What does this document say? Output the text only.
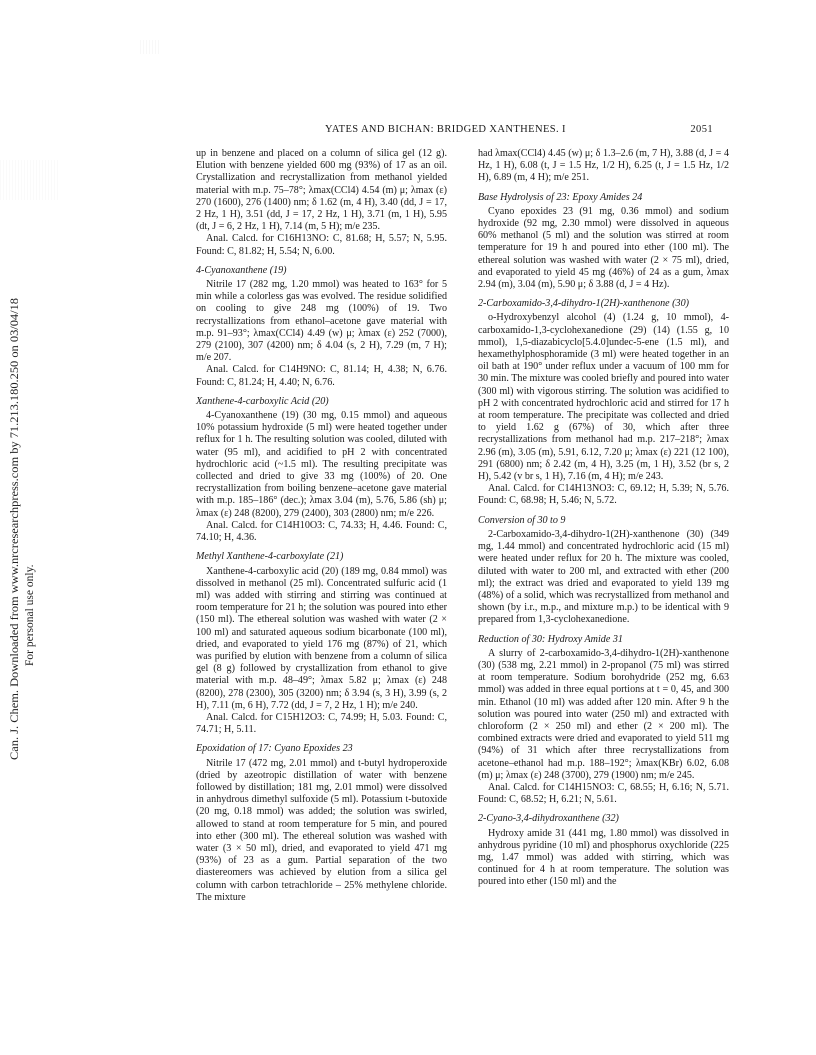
Can. J. Chem. Downloaded from www.nrcresearchpress.com by 71.213.180.250 on 03/04/18 For personal use only.
YATES AND BICHAN: BRIDGED XANTHENES. I	2051

up in benzene and placed on a column of silica gel (12 g). Elution with benzene yielded 600 mg (93%) of 17 as an oil. Crystallization and recrystallization from methanol yielded material with m.p. 75–78°; λmax(CCl4) 4.54 (m) μ; λmax (ε) 270 (1600), 276 (1400) nm; δ 1.62 (m, 4 H), 3.40 (dd, J = 17, 2 Hz, 1 H), 3.51 (dd, J = 17, 2 Hz, 1 H), 3.71 (m, 1 H), 5.95 (dt, J = 6, 2 Hz, 1 H), 7.14 (m, 5 H); m/e 235.

Anal. Calcd. for C16H13NO: C, 81.68; H, 5.57; N, 5.95. Found: C, 81.82; H, 5.54; N, 6.00.

4-Cyanoxanthene (19)

Nitrile 17 (282 mg, 1.20 mmol) was heated to 163° for 5 min while a colorless gas was evolved. The residue solidified on cooling to give 248 mg (100%) of 19. Two recrystallizations from ethanol–acetone gave material with m.p. 91–93°; λmax(CCl4) 4.49 (w) μ; λmax (ε) 252 (7000), 279 (2100), 307 (4200) nm; δ 4.04 (s, 2 H), 7.29 (m, 7 H); m/e 207.

Anal. Calcd. for C14H9NO: C, 81.14; H, 4.38; N, 6.76. Found: C, 81.24; H, 4.40; N, 6.76.

Xanthene-4-carboxylic Acid (20)

4-Cyanoxanthene (19) (30 mg, 0.15 mmol) and aqueous 10% potassium hydroxide (5 ml) were heated together under reflux for 1 h. The resulting solution was cooled, diluted with water (95 ml), and acidified to pH 2 with concentrated hydrochloric acid (~1.5 ml). The resulting precipitate was collected and dried to give 33 mg (100%) of 20. One recrystallization from boiling benzene–acetone gave material with m.p. 185–186° (dec.); λmax 3.04 (m), 5.76, 5.86 (sh) μ; λmax (ε) 248 (8200), 279 (2400), 303 (2800) nm; m/e 226.

Anal. Calcd. for C14H10O3: C, 74.33; H, 4.46. Found: C, 74.10; H, 4.36.

Methyl Xanthene-4-carboxylate (21)

Xanthene-4-carboxylic acid (20) (189 mg, 0.84 mmol) was dissolved in methanol (25 ml). Concentrated sulfuric acid (1 ml) was added with stirring and stirring was continued at room temperature for 21 h; the solution was poured into ether (150 ml). The ethereal solution was washed with water (2 × 100 ml) and saturated aqueous sodium bicarbonate (100 ml), dried, and evaporated to yield 176 mg (87%) of 21, which was purified by elution with benzene from a column of silica gel (8 g) followed by crystallization from ethanol to give material with m.p. 48–49°; λmax 5.82 μ; λmax (ε) 248 (8200), 278 (2300), 305 (3200) nm; δ 3.94 (s, 3 H), 3.99 (s, 2 H), 7.11 (m, 6 H), 7.72 (dd, J = 7, 2 Hz, 1 H); m/e 240.

Anal. Calcd. for C15H12O3: C, 74.99; H, 5.03. Found: C, 74.71; H, 5.11.

Epoxidation of 17: Cyano Epoxides 23

Nitrile 17 (472 mg, 2.01 mmol) and t-butyl hydroperoxide (dried by azeotropic distillation of water with benzene followed by distillation; 181 mg, 2.01 mmol) were dissolved in anhydrous dimethyl sulfoxide (5 ml). Potassium t-butoxide (20 mg, 0.18 mmol) was added; the solution was swirled, allowed to stand at room temperature for 5 min, and poured into ether (300 ml). The ethereal solution was washed with water (3 × 50 ml), dried, and evaporated to yield 471 mg (93%) of 23 as a gum. Partial separation of the two diastereomers was achieved by elution from a silica gel column with carbon tetrachloride – 25% methylene chloride. The mixture

had λmax(CCl4) 4.45 (w) μ; δ 1.3–2.6 (m, 7 H), 3.88 (d, J = 4 Hz, 1 H), 6.08 (t, J = 1.5 Hz, 1/2 H), 6.25 (t, J = 1.5 Hz, 1/2 H), 6.89 (m, 4 H); m/e 251.

Base Hydrolysis of 23: Epoxy Amides 24

Cyano epoxides 23 (91 mg, 0.36 mmol) and sodium hydroxide (92 mg, 2.30 mmol) were dissolved in aqueous 60% methanol (5 ml) and the solution was stirred at room temperature for 19 h and poured into ether (100 ml). The ethereal solution was washed with water (2 × 75 ml), dried, and evaporated to yield 45 mg (46%) of 24 as a gum, λmax 2.94 (m), 3.04 (m), 5.90 μ; δ 3.88 (d, J = 4 Hz).

2-Carboxamido-3,4-dihydro-1(2H)-xanthenone (30)

o-Hydroxybenzyl alcohol (4) (1.24 g, 10 mmol), 4-carboxamido-1,3-cyclohexanedione (29) (14) (1.55 g, 10 mmol), 1,5-diazabicyclo[5.4.0]undec-5-ene (1.5 ml), and hexamethylphosphoramide (3 ml) were heated together in an oil bath at 190° under reflux under a vacuum of 100 mm for 30 min. The mixture was cooled briefly and poured into water (300 ml) with vigorous stirring. The solution was acidified to pH 2 with concentrated hydrochloric acid and stirred for 17 h at room temperature. The precipitate was collected and dried to yield 1.62 g (67%) of 30, which after three recrystallizations from methanol had m.p. 217–218°; λmax 2.96 (m), 3.05 (m), 5.91, 6.12, 7.20 μ; λmax (ε) 221 (12 100), 291 (6800) nm; δ 2.42 (m, 4 H), 3.25 (m, 1 H), 3.52 (br s, 2 H), 5.42 (v br s, 1 H), 7.16 (m, 4 H); m/e 243.

Anal. Calcd. for C14H13NO3: C, 69.12; H, 5.39; N, 5.76. Found: C, 68.98; H, 5.46; N, 5.72.

Conversion of 30 to 9

2-Carboxamido-3,4-dihydro-1(2H)-xanthenone (30) (349 mg, 1.44 mmol) and concentrated hydrochloric acid (15 ml) were heated under reflux for 20 h. The mixture was cooled, diluted with water to 200 ml, and extracted with ether (200 ml); the extract was dried and evaporated to yield 139 mg (48%) of a solid, which was recrystallized from methanol and shown (by i.r., m.p., and mixture m.p.) to be identical with 9 prepared from 1,3-cyclohexanedione.

Reduction of 30: Hydroxy Amide 31

A slurry of 2-carboxamido-3,4-dihydro-1(2H)-xanthenone (30) (538 mg, 2.21 mmol) in 2-propanol (75 ml) was stirred at room temperature. Sodium borohydride (252 mg, 6.63 mmol) was added in three equal portions at t = 0, 45, and 300 min. Ethanol (10 ml) was added after 120 min. After 9 h the solution was poured into water (250 ml) and extracted with chloroform (2 × 250 ml) and ether (2 × 200 ml). The combined extracts were dried and evaporated to yield 511 mg (94%) of 31 which after three recrystallizations from acetone–ethanol had m.p. 188–192°; λmax(KBr) 6.02, 6.08 (m) μ; λmax (ε) 248 (3700), 279 (1900) nm; m/e 245.

Anal. Calcd. for C14H15NO3: C, 68.55; H, 6.16; N, 5.71. Found: C, 68.52; H, 6.21; N, 5.61.

2-Cyano-3,4-dihydroxanthene (32)

Hydroxy amide 31 (441 mg, 1.80 mmol) was dissolved in anhydrous pyridine (10 ml) and phosphorus oxychloride (225 mg, 1.47 mmol) was added with stirring, which was continued for 4 h at room temperature. The solution was poured into ether (150 ml) and the
